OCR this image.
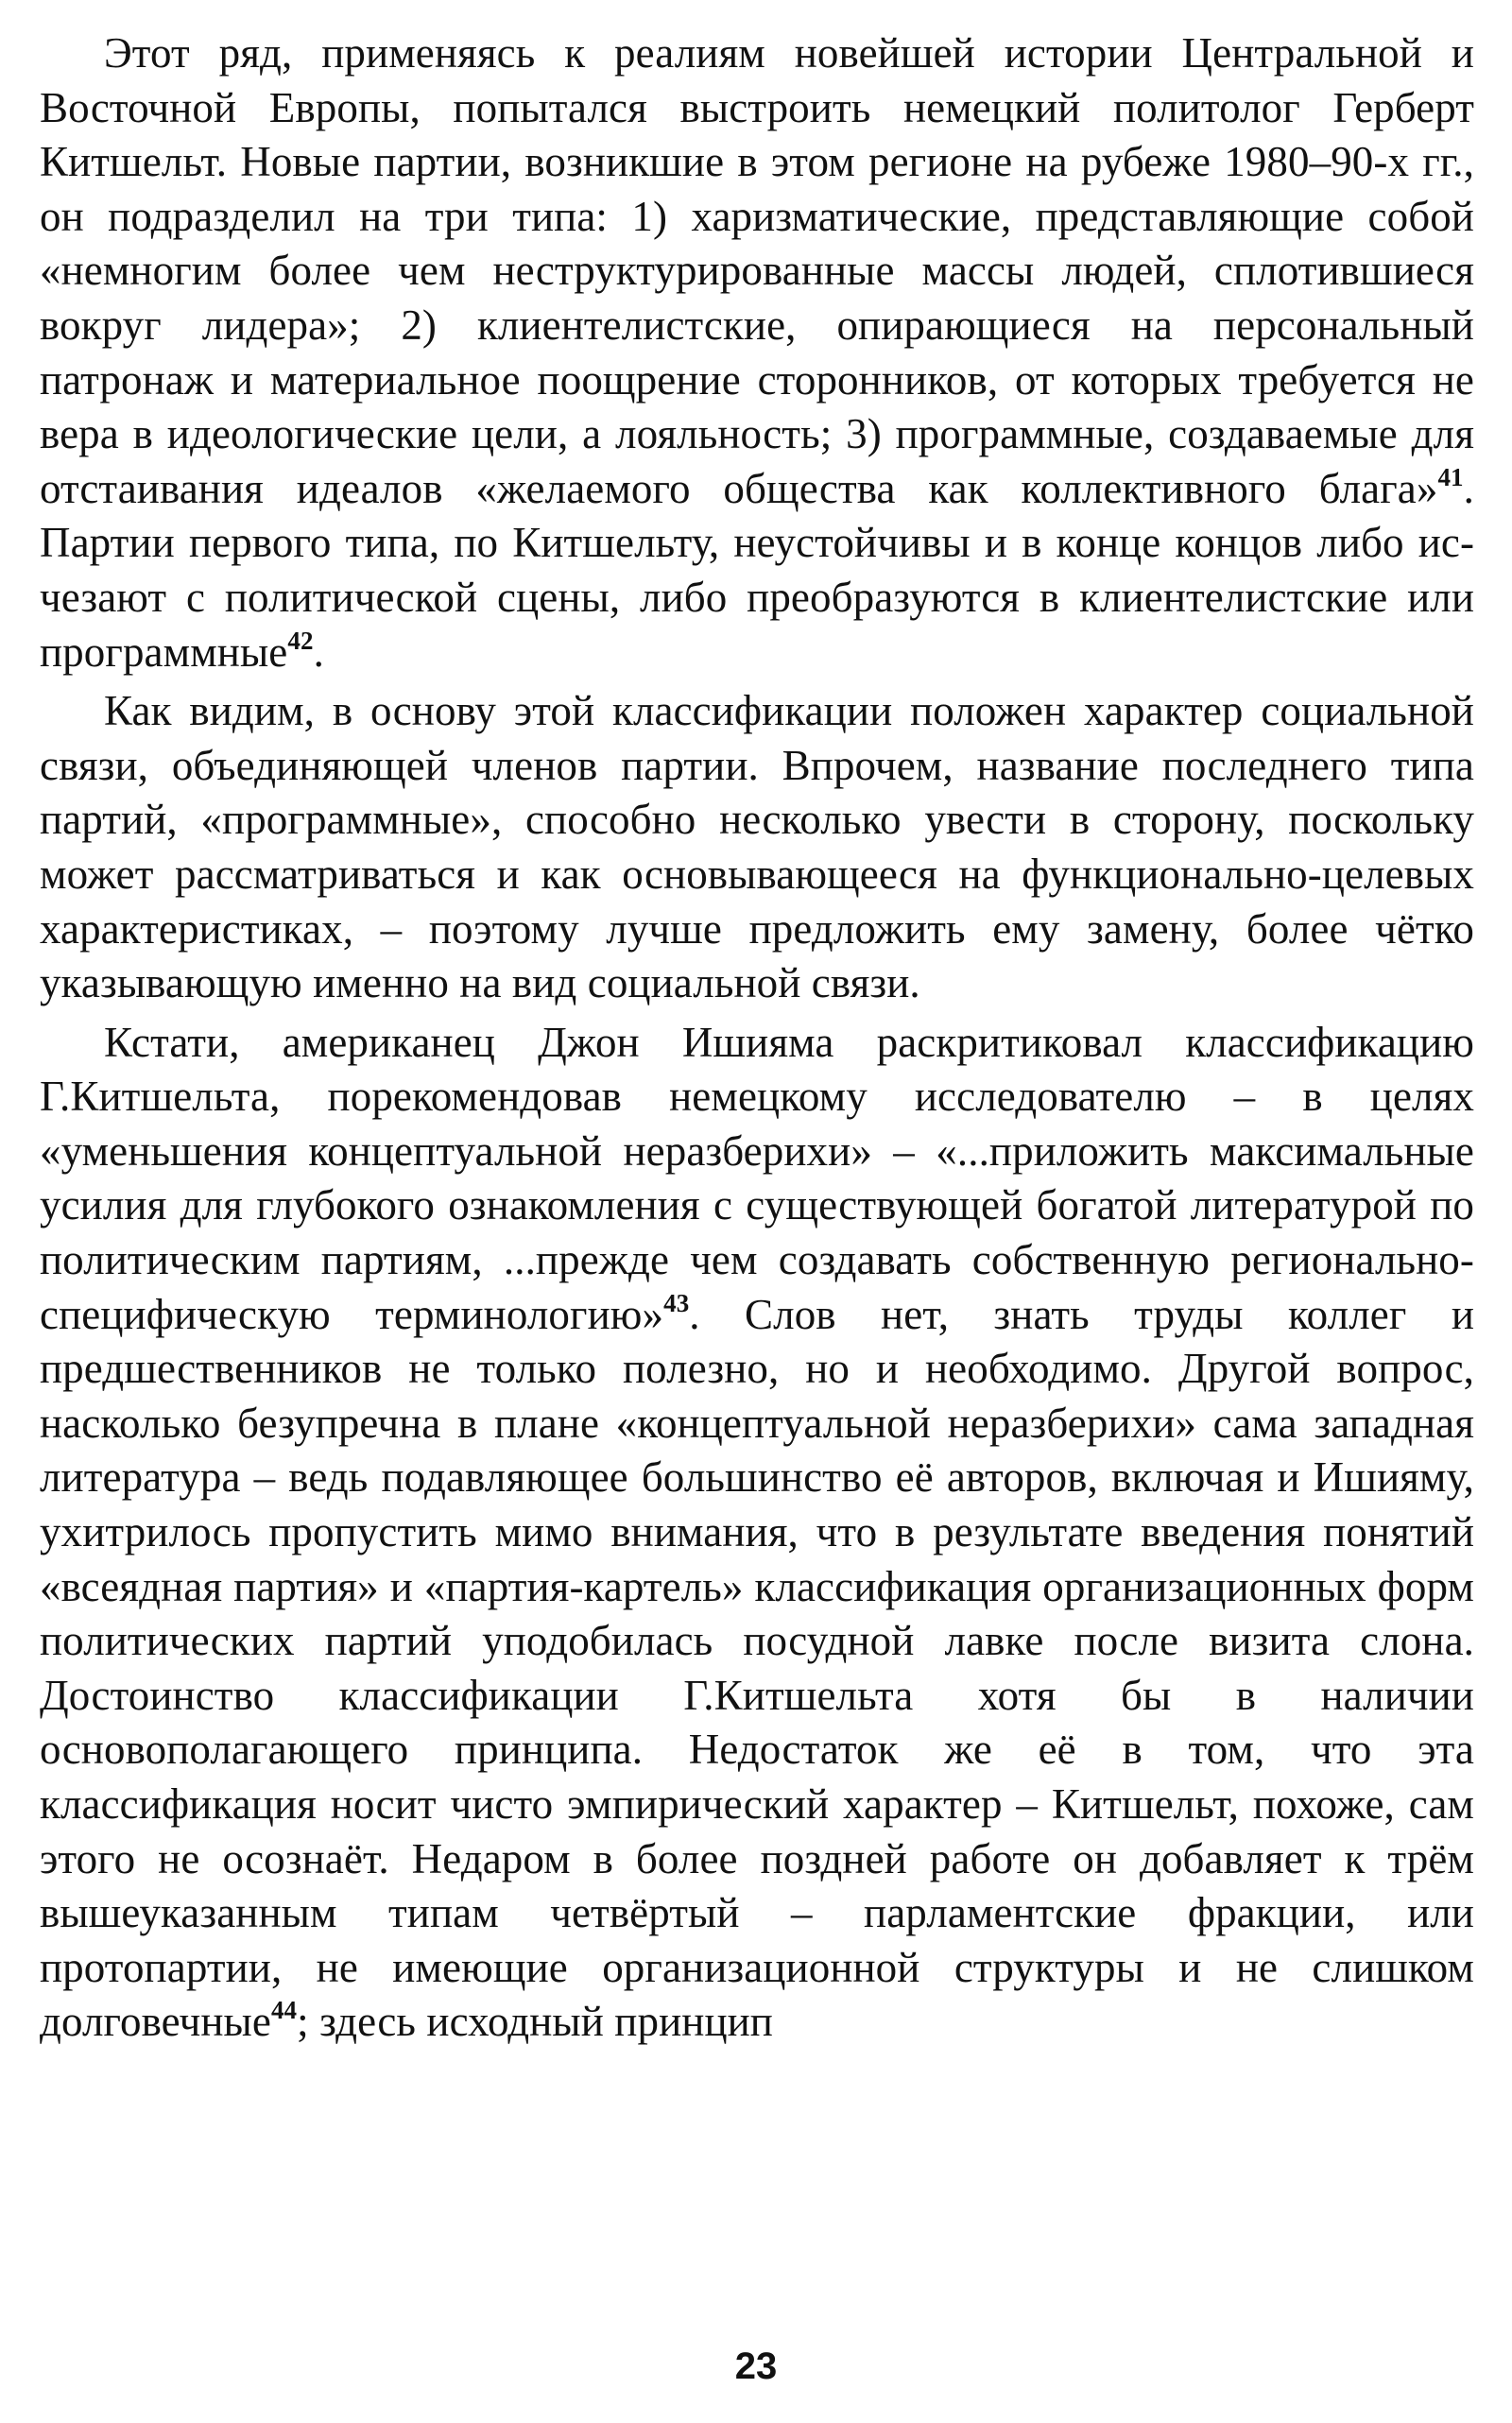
Этот ряд, применяясь к реалиям новейшей истории Центральной и Восточной Европы, попытался выстроить немецкий политолог Герберт Китшельт. Новые партии, возникшие в этом регионе на рубеже 1980–90-х гг., он подразделил на три типа: 1) харизматические, представляющие собой «немногим более чем неструктурированные массы людей, сплотившиеся вокруг лидера»; 2) клиентелистские, опирающиеся на персональный патронаж и материальное поощрение сторонников, от которых требуется не вера в идеологические цели, а лояльность; 3) программные, создаваемые для отстаивания идеалов «желаемого общества как коллективного блага»$^{41}$. Партии первого типа, по Китшельту, неустойчивы и в конце концов либо исчезают с политической сцены, либо преобразуются в клиентелистские или программные$^{42}$.

Как видим, в основу этой классификации положен характер социальной связи, объединяющей членов партии. Впрочем, название последнего типа партий, «программные», способно несколько увести в сторону, поскольку может рассматриваться и как основывающееся на функционально-целевых характеристиках, – поэтому лучше предложить ему замену, более чётко указывающую именно на вид социальной связи.

Кстати, американец Джон Ишияма раскритиковал классификацию Г.Китшельта, порекомендовав немецкому исследователю – в целях «уменьшения концептуальной неразберихи» – «...приложить максимальные усилия для глубокого ознакомления с существующей богатой литературой по политическим партиям, ...прежде чем создавать собственную регионально-специфическую терминологию»$^{43}$. Слов нет, знать труды коллег и предшественников не только полезно, но и необходимо. Другой вопрос, насколько безупречна в плане «концептуальной неразберихи» сама западная литература – ведь подавляющее большинство её авторов, включая и Ишияму, ухитрилось пропустить мимо внимания, что в результате введения понятий «всеядная партия» и «партия-картель» классификация организационных форм политических партий уподобилась посудной лавке после визита слона. Достоинство классификации Г.Китшельта хотя бы в наличии основополагающего принципа. Недостаток же её в том, что эта классификация носит чисто эмпирический характер – Китшельт, похоже, сам этого не осознаёт. Недаром в более поздней работе он добавляет к трём вышеуказанным типам четвёртый – парламентские фракции, или протопартии, не имеющие организационной структуры и не слишком долговечные$^{44}$; здесь исходный принцип

23
